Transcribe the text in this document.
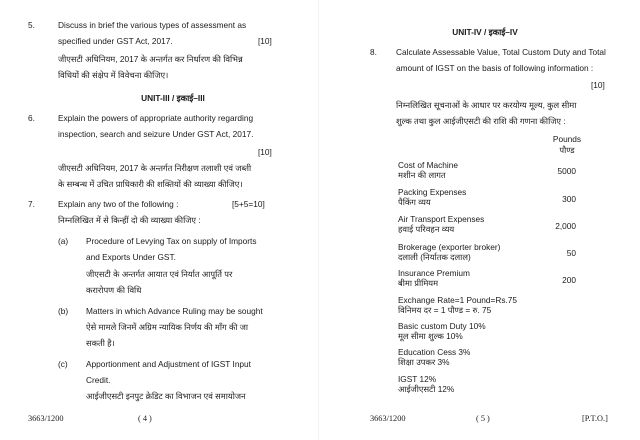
5.	Discuss in brief the various types of assessment as
specified under GST Act, 2017.	[10]
जीएसटी अधिनियम, 2017 के अन्तर्गत कर निर्धारण की विभिन्न
विधियों की संक्षेप में विवेचना कीजिए।
UNIT-III / इकाई–III
6.	Explain the powers of appropriate authority regarding
inspection, search and seizure Under GST Act, 2017.
[10]
जीएसटी अधिनियम, 2017 के अन्तर्गत निरीक्षण तलाशी एवं जब्ती
के सम्बन्ध में उचित प्राधिकारी की शक्तियों की व्याख्या कीजिए।
7.	Explain any two of the following :	[5+5=10]
निम्नलिखित में से किन्हीं दो की व्याख्या कीजिए :
(a) Procedure of Levying Tax on supply of Imports
and Exports Under GST.
जीएसटी के अन्तर्गत आयात एवं निर्यात आपूर्ति पर
करारोपण की विधि
(b) Matters in which Advance Ruling may be sought
ऐसे मामले जिनमें अग्रिम न्यायिक निर्णय की माँग की जा
सकती है।
(c) Apportionment and Adjustment of IGST Input
Credit.
आईजीएसटी इनपुट क्रेडिट का विभाजन एवं समायोजन
3663/1200	( 4 )
UNIT-IV / इकाई–IV
8. Calculate Assessable Value, Total Custom Duty and Total
amount of IGST on the basis of following information :
[10]
निम्नलिखित सूचनाओं के आधार पर करयोग्य मूल्य, कुल सीमा
शुल्क तथा कुल आईजीएसटी की राशि की गणना कीजिए :
Pounds
पौण्ड
Cost of Machine
मशीन की लागत	5000
Packing Expenses
पैकिंग व्यय	300
Air Transport Expenses
हवाई परिवहन व्यय	2,000
Brokerage (exporter broker)
दलाली (निर्यातक दलाल)	50
Insurance Premium
बीमा प्रीमियम	200
Exchange Rate=1 Pound=Rs.75
विनिमय दर = 1 पौण्ड = रु. 75
Basic custom Duty 10%
मूल सीमा शुल्क 10%
Education Cess 3%
शिक्षा उपकर 3%
IGST 12%
आईजीएसटी 12%
3663/1200	( 5 )	[P.T.O.]
